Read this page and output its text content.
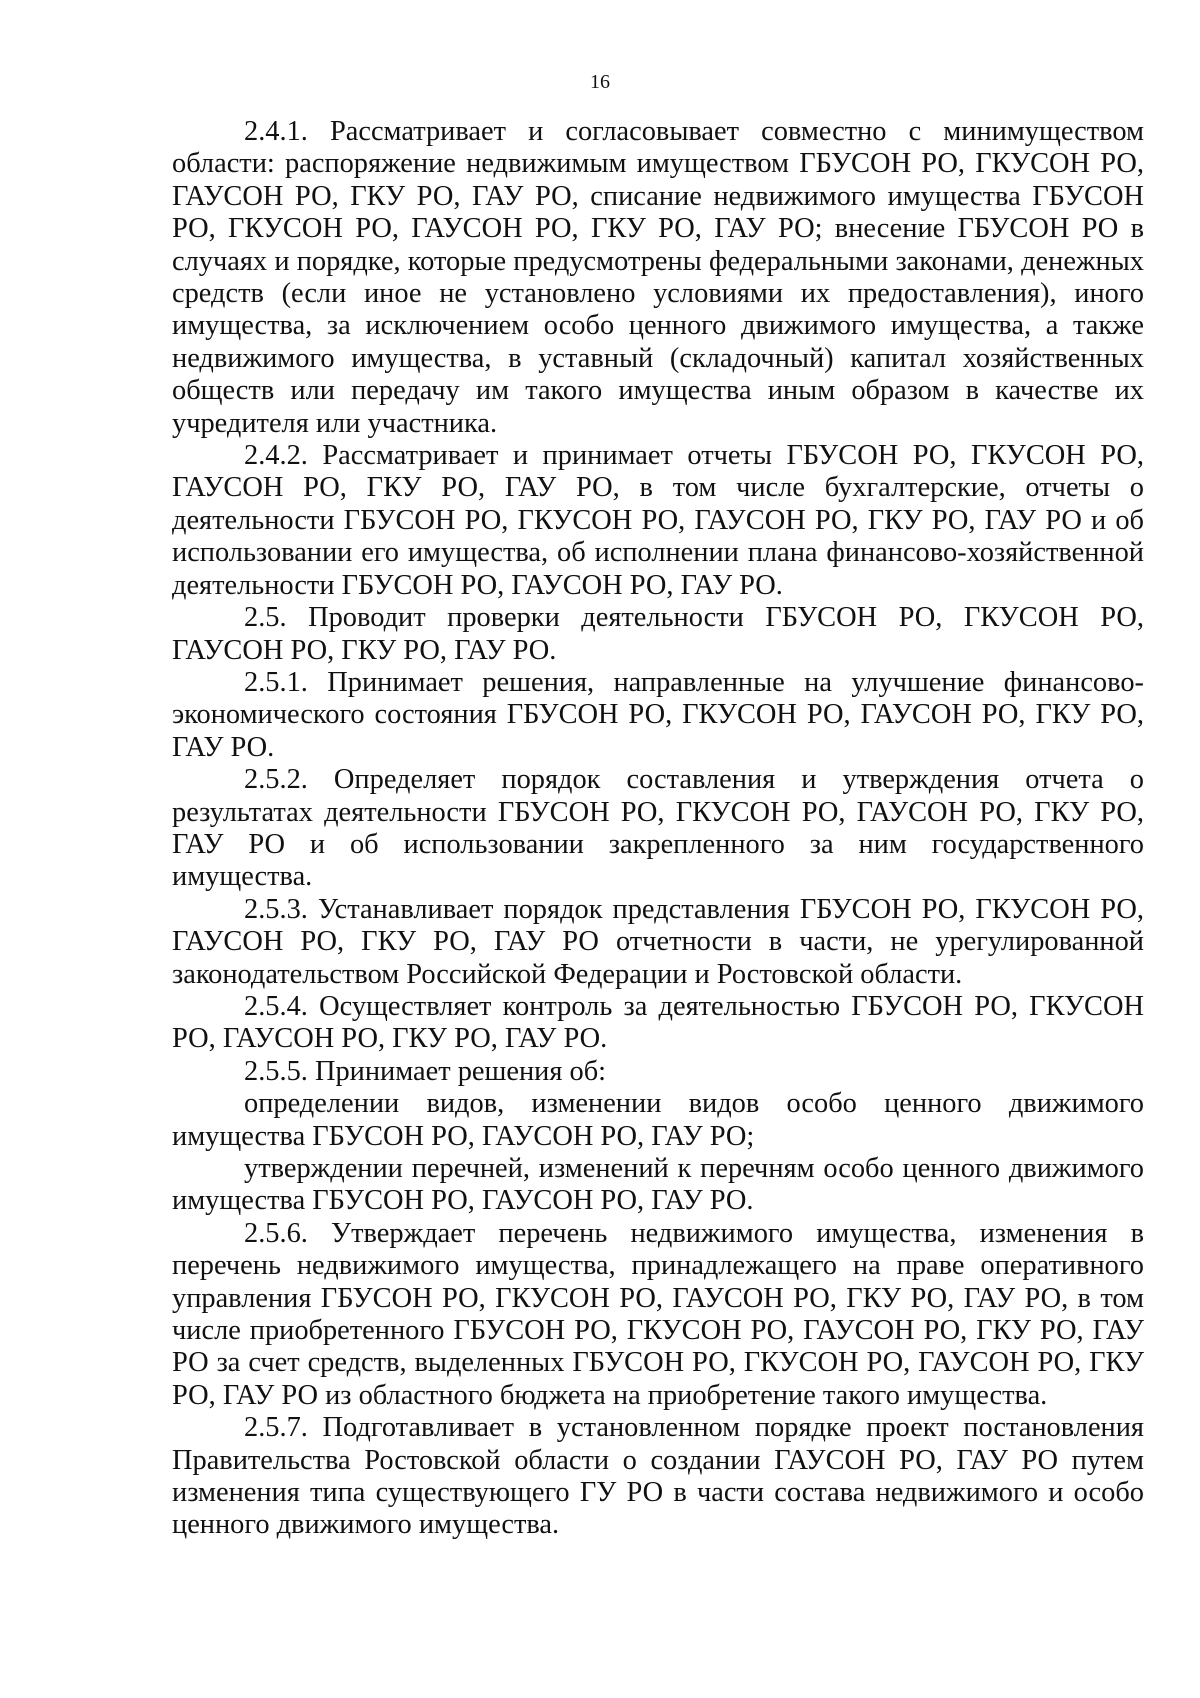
16

2.4.1. Рассматривает и согласовывает совместно с минимуществом области: распоряжение недвижимым имуществом ГБУСОН РО, ГКУСОН РО, ГАУСОН РО, ГКУ РО, ГАУ РО, списание недвижимого имущества ГБУСОН РО, ГКУСОН РО, ГАУСОН РО, ГКУ РО, ГАУ РО; внесение ГБУСОН РО в случаях и порядке, которые предусмотрены федеральными законами, денежных средств (если иное не установлено условиями их предоставления), иного имущества, за исключением особо ценного движимого имущества, а также недвижимого имущества, в уставный (складочный) капитал хозяйственных обществ или передачу им такого имущества иным образом в качестве их учредителя или участника.

2.4.2. Рассматривает и принимает отчеты ГБУСОН РО, ГКУСОН РО, ГАУСОН РО, ГКУ РО, ГАУ РО, в том числе бухгалтерские, отчеты о деятельности ГБУСОН РО, ГКУСОН РО, ГАУСОН РО, ГКУ РО, ГАУ РО и об использовании его имущества, об исполнении плана финансово-хозяйственной деятельности ГБУСОН РО, ГАУСОН РО, ГАУ РО.

2.5. Проводит проверки деятельности ГБУСОН РО, ГКУСОН РО, ГАУСОН РО, ГКУ РО, ГАУ РО.

2.5.1. Принимает решения, направленные на улучшение финансово-экономического состояния ГБУСОН РО, ГКУСОН РО, ГАУСОН РО, ГКУ РО, ГАУ РО.

2.5.2. Определяет порядок составления и утверждения отчета о результатах деятельности ГБУСОН РО, ГКУСОН РО, ГАУСОН РО, ГКУ РО, ГАУ РО и об использовании закрепленного за ним государственного имущества.

2.5.3. Устанавливает порядок представления ГБУСОН РО, ГКУСОН РО, ГАУСОН РО, ГКУ РО, ГАУ РО отчетности в части, не урегулированной законодательством Российской Федерации и Ростовской области.

2.5.4. Осуществляет контроль за деятельностью ГБУСОН РО, ГКУСОН РО, ГАУСОН РО, ГКУ РО, ГАУ РО.

2.5.5. Принимает решения об:

определении видов, изменении видов особо ценного движимого имущества ГБУСОН РО, ГАУСОН РО, ГАУ РО;

утверждении перечней, изменений к перечням особо ценного движимого имущества ГБУСОН РО, ГАУСОН РО, ГАУ РО.

2.5.6. Утверждает перечень недвижимого имущества, изменения в перечень недвижимого имущества, принадлежащего на праве оперативного управления ГБУСОН РО, ГКУСОН РО, ГАУСОН РО, ГКУ РО, ГАУ РО, в том числе приобретенного ГБУСОН РО, ГКУСОН РО, ГАУСОН РО, ГКУ РО, ГАУ РО за счет средств, выделенных ГБУСОН РО, ГКУСОН РО, ГАУСОН РО, ГКУ РО, ГАУ РО из областного бюджета на приобретение такого имущества.

2.5.7. Подготавливает в установленном порядке проект постановления Правительства Ростовской области о создании ГАУСОН РО, ГАУ РО путем изменения типа существующего ГУ РО в части состава недвижимого и особо ценного движимого имущества.
